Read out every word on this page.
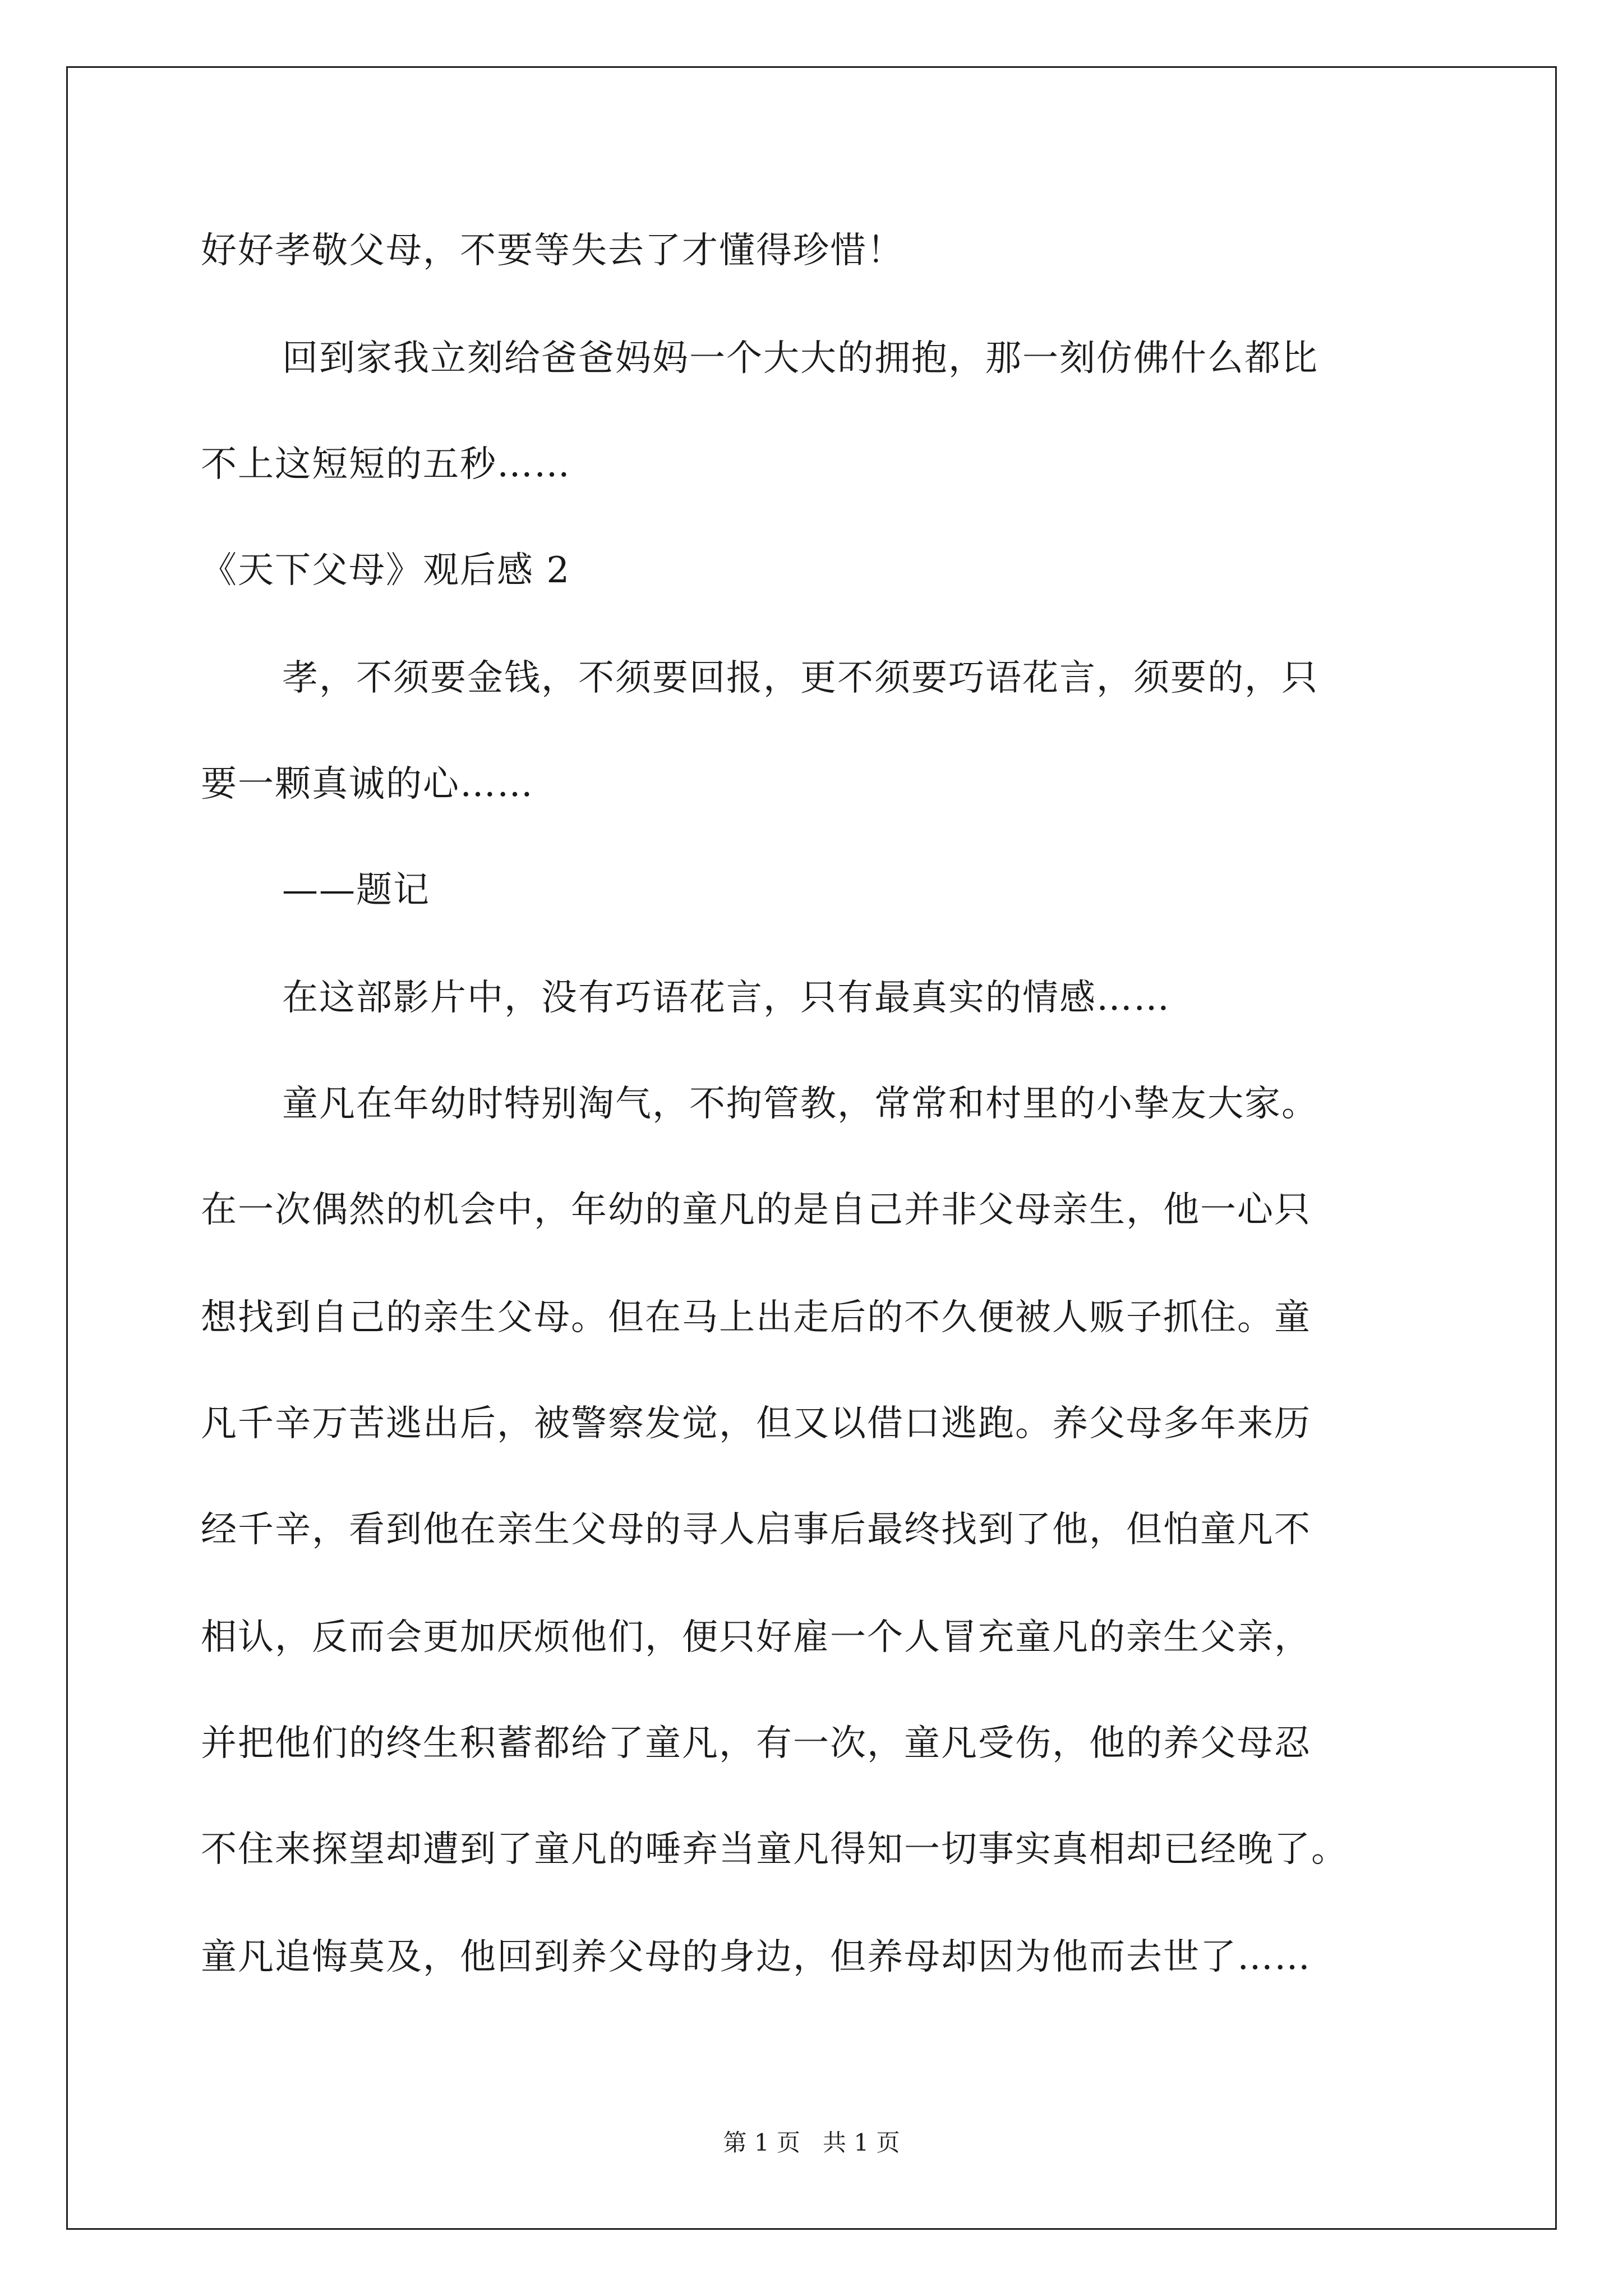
好好孝敬父母，不要等失去了才懂得珍惜！
回到家我立刻给爸爸妈妈一个大大的拥抱，那一刻仿佛什么都比
不上这短短的五秒……
《天下父母》观后感 2
孝，不须要金钱，不须要回报，更不须要巧语花言，须要的，只
要一颗真诚的心……
——题记
在这部影片中，没有巧语花言，只有最真实的情感……
童凡在年幼时特别淘气，不拘管教，常常和村里的小挚友大家。
在一次偶然的机会中，年幼的童凡的是自己并非父母亲生，他一心只
想找到自己的亲生父母。但在马上出走后的不久便被人贩子抓住。童
凡千辛万苦逃出后，被警察发觉，但又以借口逃跑。养父母多年来历
经千辛，看到他在亲生父母的寻人启事后最终找到了他，但怕童凡不
相认，反而会更加厌烦他们，便只好雇一个人冒充童凡的亲生父亲，
并把他们的终生积蓄都给了童凡，有一次，童凡受伤，他的养父母忍
不住来探望却遭到了童凡的唾弃当童凡得知一切事实真相却已经晚了。
童凡追悔莫及，他回到养父母的身边，但养母却因为他而去世了……
第 1 页   共 1 页
